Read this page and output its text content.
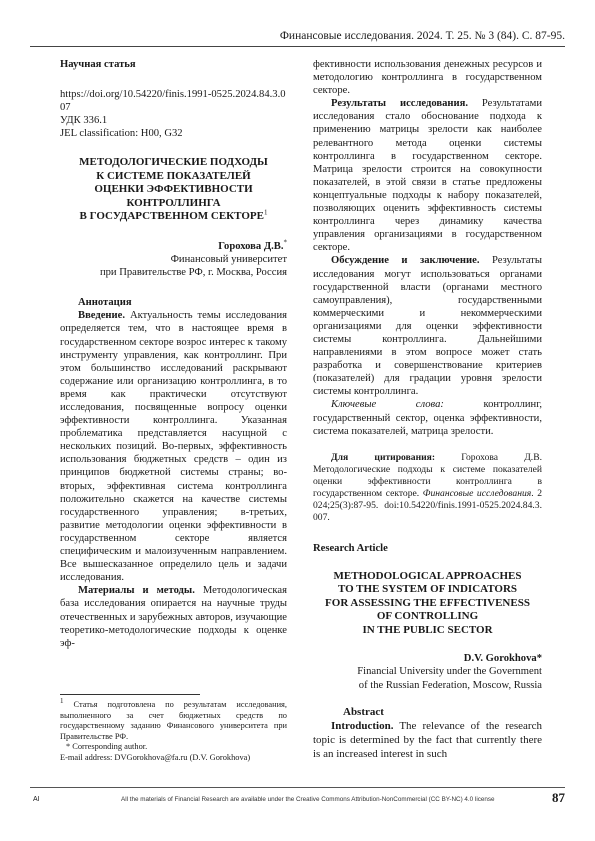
Финансовые исследования. 2024. Т. 25. № 3 (84). С. 87-95.

Научная статья

https://doi.org/10.54220/finis.1991-0525.2024.84.3.007

УДК 336.1

JEL classification: H00, G32

МЕТОДОЛОГИЧЕСКИЕ ПОДХОДЫ
К СИСТЕМЕ ПОКАЗАТЕЛЕЙ
ОЦЕНКИ ЭФФЕКТИВНОСТИ
КОНТРОЛЛИНГА
В ГОСУДАРСТВЕННОМ СЕКТОРЕ$^1$

Горохова Д.В.*

Финансовый университет

при Правительстве РФ, г. Москва, Россия

Аннотация

Введение. Актуальность темы исследования определяется тем, что в настоящее время в государственном секторе возрос интерес к такому инструменту управления, как контроллинг. При этом большинство исследований раскрывают содержание или организацию контроллинга, в то время как практически отсутствуют исследования, посвященные вопросу оценки эффективности контроллинга. Указанная проблематика представляется насущной с нескольких позиций. Во-первых, эффективность использования бюджетных средств – один из принципов бюджетной системы страны; во-вторых, эффективная система контроллинга положительно скажется на качестве системы государственного управления; в-третьих, развитие методологии оценки эффективности в государственном секторе является специфическим и малоизученным направлением. Все вышесказанное определило цель и задачи исследования.

Материалы и методы. Методологическая база исследования опирается на научные труды отечественных и зарубежных авторов, изучающие теоретико-методологические подходы к оценке эф-

$^1$ Статья подготовлена по результатам исследования, выполненного за счет бюджетных средств по государственному заданию Финансового университета при Правительстве РФ.

* Corresponding author.

E-mail address: DVGorokhova@fa.ru (D.V. Gorokhova)

фективности использования денежных ресурсов и методологию контроллинга в государственном секторе.

Результаты исследования. Результатами исследования стало обоснование подхода к применению матрицы зрелости как наиболее релевантного метода оценки системы контроллинга в государственном секторе. Матрица зрелости строится на совокупности показателей, в этой связи в статье предложены концептуальные подходы к набору показателей, позволяющих оценить эффективность системы контроллинга через динамику качества управления организациями в государственном секторе.

Обсуждение и заключение. Результаты исследования могут использоваться органами государственной власти (органами местного самоуправления), государственными коммерческими и некоммерческими организациями для оценки эффективности системы контроллинга. Дальнейшими направлениями в этом вопросе может стать разработка и совершенствование критериев (показателей) для градации уровня зрелости системы контроллинга.

Ключевые слова:	контроллинг, государственный сектор, оценка эффективности, система показателей, матрица зрелости.

Для цитирования:	Горохова Д.В. Методологические подходы к системе показателей оценки эффективности контроллинга в государственном секторе. Финансовые исследования. 2024;25(3):87-95. doi:10.54220/finis.1991-0525.2024.84.3.007.

Research Article

METHODOLOGICAL APPROACHES
TO THE SYSTEM OF INDICATORS
FOR ASSESSING THE EFFECTIVENESS
OF CONTROLLING
IN THE PUBLIC SECTOR

D.V. Gorokhova*

Financial University under the Government

of the Russian Federation, Moscow, Russia

Abstract

Introduction. The relevance of the research topic is determined by the fact that currently there is an increased interest in such

AI	All the materials of Financial Research are available under the Creative Commons Attribution-NonCommercial (CC BY-NC) 4.0 license	87
